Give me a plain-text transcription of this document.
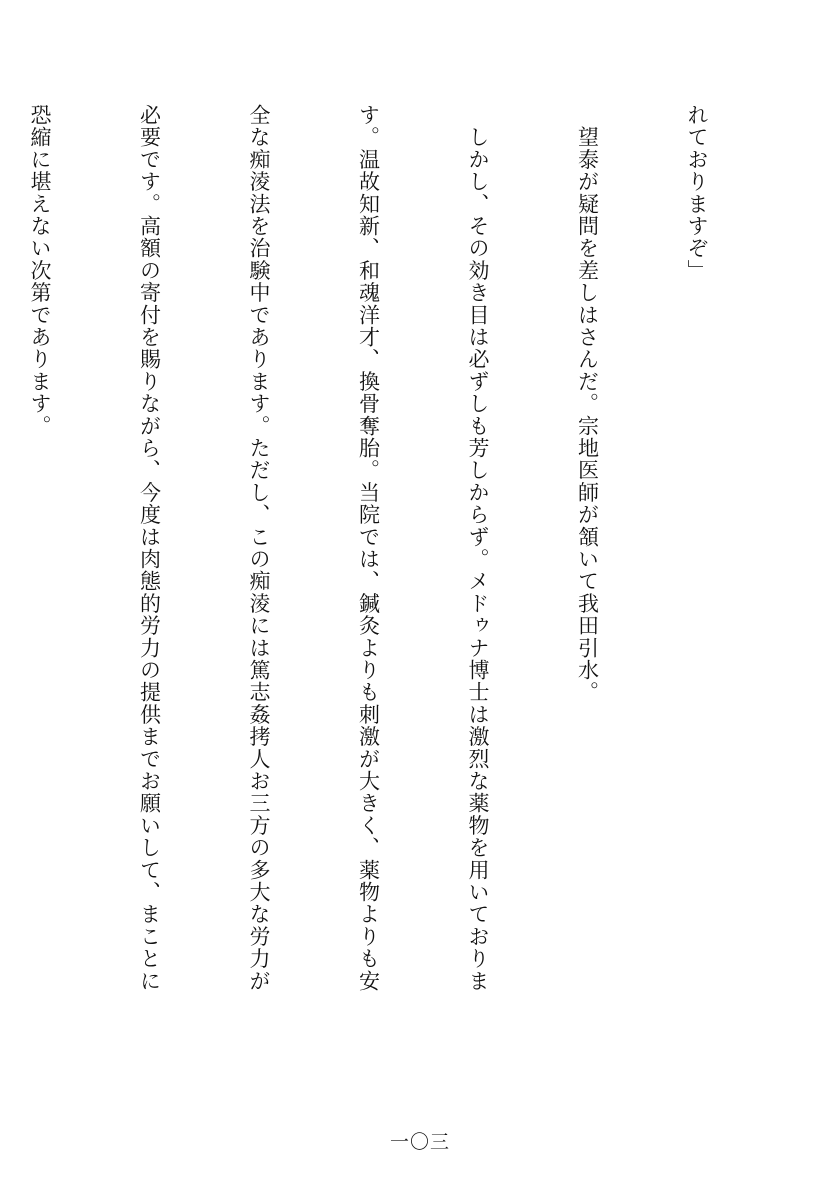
れておりますぞ」

　望泰が疑問を差しはさんだ。宗地医師が頷いて我田引水。

　しかし、その効き目は必ずしも芳しからず。メドゥナ博士は激烈な薬物を用いておりま

す。温故知新、和魂洋才、換骨奪胎。当院では、鍼灸よりも刺激が大きく、薬物よりも安

全な痴淩法を治験中であります。ただし、この痴淩には篤志姦拷人お三方の多大な労力が

必要です。高額の寄付を賜りながら、今度は肉態的労力の提供までお願いして、まことに

恐縮に堪えない次第であります。

一〇三
